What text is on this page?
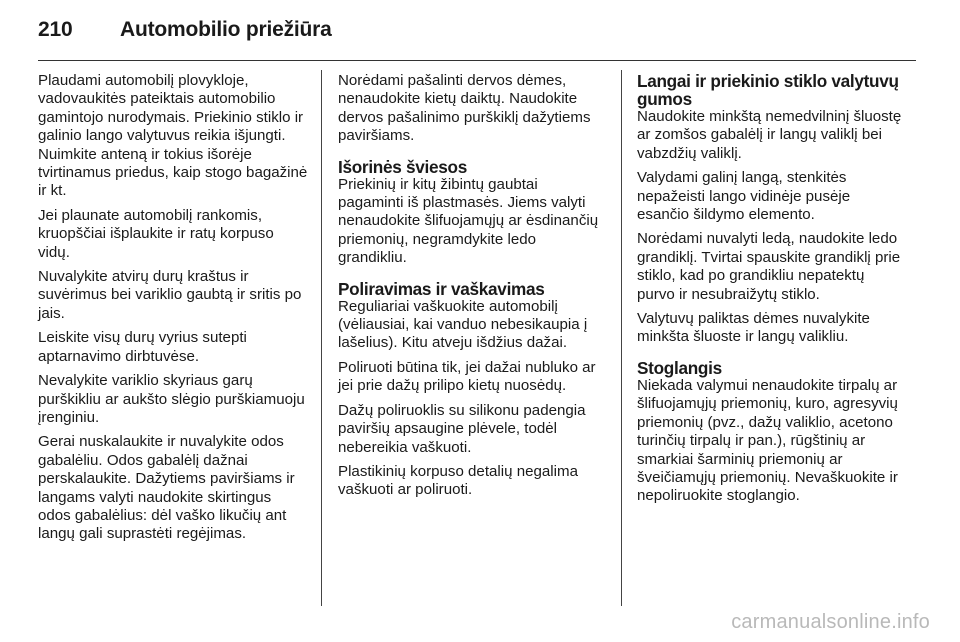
210 Automobilio priežiūra

Plaudami automobilį plovykloje, vadovaukitės pateiktais automobilio gamintojo nurodymais. Priekinio stiklo ir galinio lango valytuvus reikia išjungti. Nuimkite anteną ir tokius išorėje tvirtinamus priedus, kaip stogo bagažinė ir kt.

Jei plaunate automobilį rankomis, kruopščiai išplaukite ir ratų korpuso vidų.

Nuvalykite atvirų durų kraštus ir suvėrimus bei variklio gaubtą ir sritis po jais.

Leiskite visų durų vyrius sutepti aptarnavimo dirbtuvėse.

Nevalykite variklio skyriaus garų purškikliu ar aukšto slėgio purškiamuoju įrenginiu.

Gerai nuskalaukite ir nuvalykite odos gabalėliu. Odos gabalėlį dažnai perskalaukite. Dažytiems paviršiams ir langams valyti naudokite skirtingus odos gabalėlius: dėl vaško likučių ant langų gali suprastėti regėjimas.

Norėdami pašalinti dervos dėmes, nenaudokite kietų daiktų. Naudokite dervos pašalinimo purškiklį dažytiems paviršiams.

Išorinės šviesos

Priekinių ir kitų žibintų gaubtai pagaminti iš plastmasės. Jiems valyti nenaudokite šlifuojamųjų ar ėsdinančių priemonių, negramdykite ledo grandikliu.

Poliravimas ir vaškavimas

Reguliariai vaškuokite automobilį (vėliausiai, kai vanduo nebesikaupia į lašelius). Kitu atveju išdžius dažai.

Poliruoti būtina tik, jei dažai nubluko ar jei prie dažų prilipo kietų nuosėdų.

Dažų poliruoklis su silikonu padengia paviršių apsaugine plėvele, todėl nebereikia vaškuoti.

Plastikinių korpuso detalių negalima vaškuoti ar poliruoti.

Langai ir priekinio stiklo valytuvų gumos

Naudokite minkštą nemedvilninį šluostę ar zomšos gabalėlį ir langų valiklį bei vabzdžių valiklį.

Valydami galinį langą, stenkitės nepažeisti lango vidinėje pusėje esančio šildymo elemento.

Norėdami nuvalyti ledą, naudokite ledo grandiklį. Tvirtai spauskite grandiklį prie stiklo, kad po grandikliu nepatektų purvo ir nesubraižytų stiklo.

Valytuvų paliktas dėmes nuvalykite minkšta šluoste ir langų valikliu.

Stoglangis

Niekada valymui nenaudokite tirpalų ar šlifuojamųjų priemonių, kuro, agresyvių priemonių (pvz., dažų valiklio, acetono turinčių tirpalų ir pan.), rūgštinių ar smarkiai šarminių priemonių ar šveičiamųjų priemonių. Nevaškuokite ir nepoliruokite stoglangio.

carmanualsonline.info
